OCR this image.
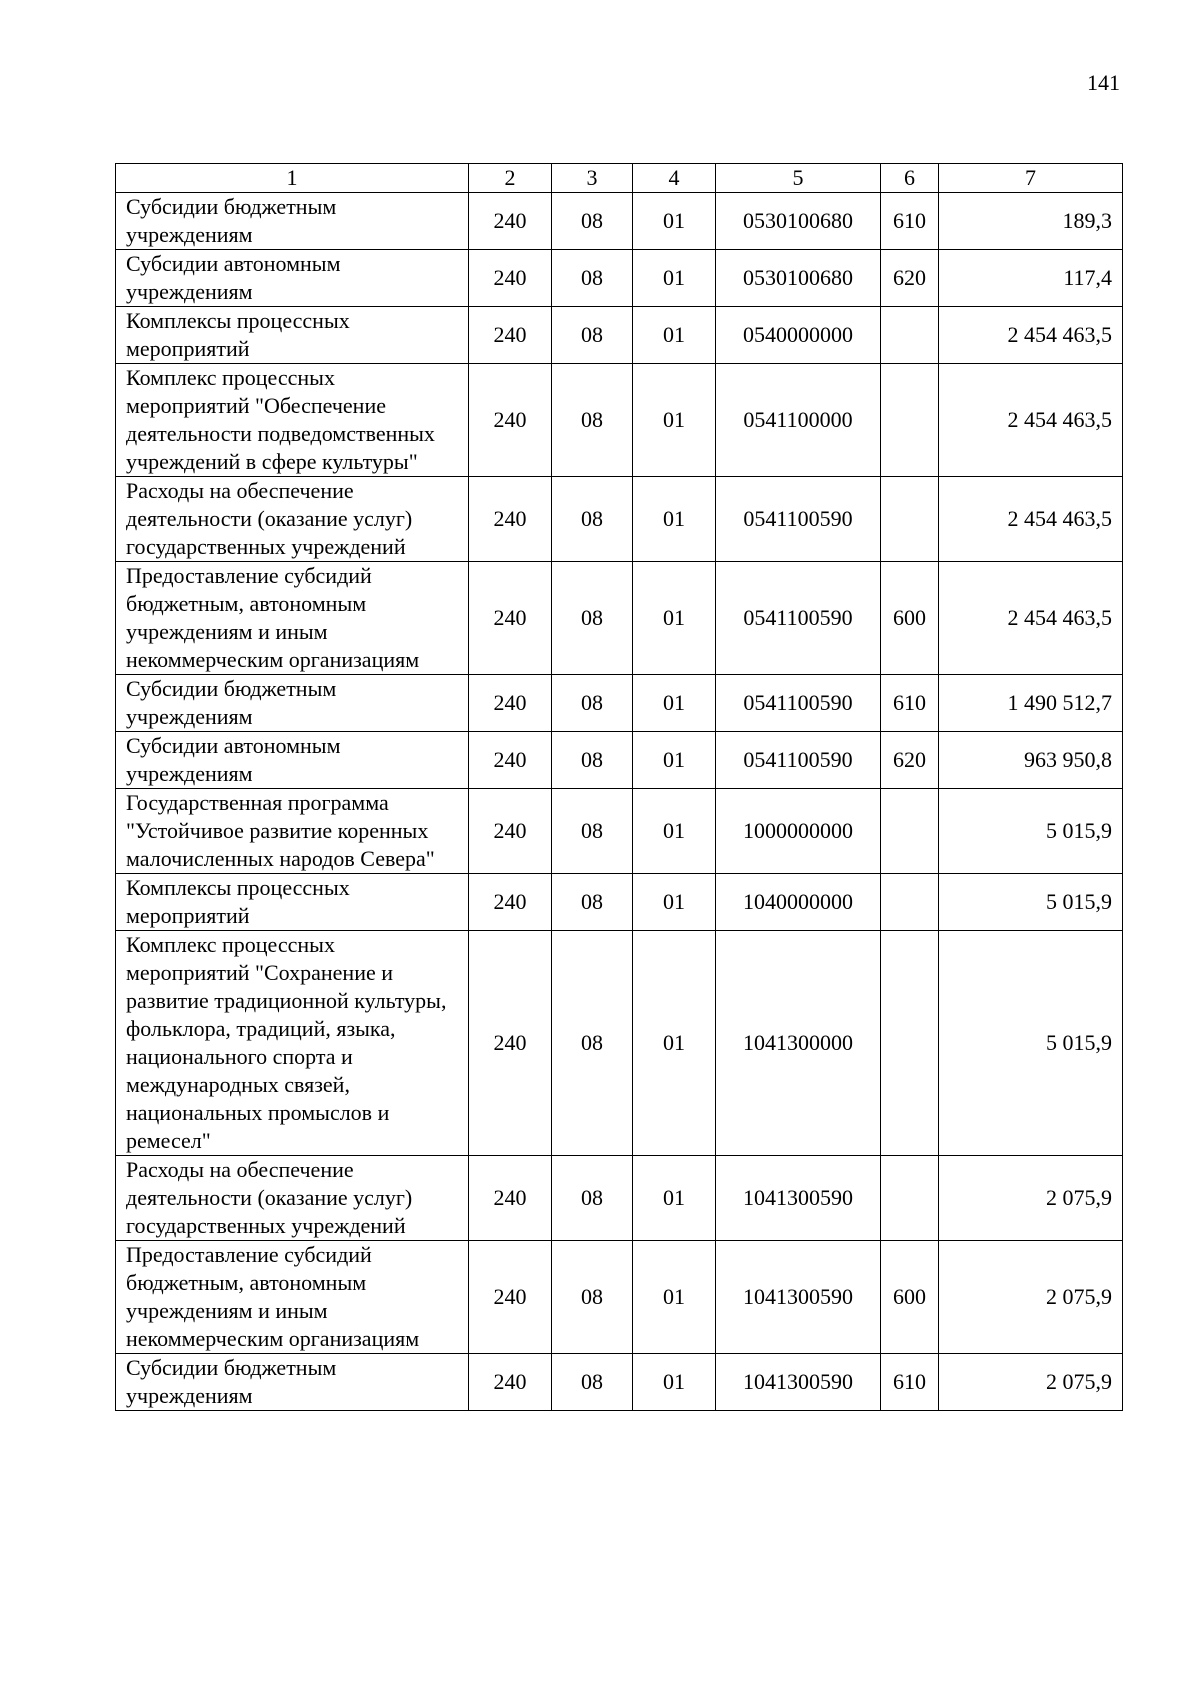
141
1	2	3	4	5	6	7
Субсидии бюджетным учреждениям	240	08	01	0530100680	610	189,3
Субсидии автономным учреждениям	240	08	01	0530100680	620	117,4
Комплексы процессных мероприятий	240	08	01	0540000000		2 454 463,5
Комплекс процессных мероприятий "Обеспечение деятельности подведомственных учреждений в сфере культуры"	240	08	01	0541100000		2 454 463,5
Расходы на обеспечение деятельности (оказание услуг) государственных учреждений	240	08	01	0541100590		2 454 463,5
Предоставление субсидий бюджетным, автономным учреждениям и иным некоммерческим организациям	240	08	01	0541100590	600	2 454 463,5
Субсидии бюджетным учреждениям	240	08	01	0541100590	610	1 490 512,7
Субсидии автономным учреждениям	240	08	01	0541100590	620	963 950,8
Государственная программа "Устойчивое развитие коренных малочисленных народов Севера"	240	08	01	1000000000		5 015,9
Комплексы процессных мероприятий	240	08	01	1040000000		5 015,9
Комплекс процессных мероприятий "Сохранение и развитие традиционной культуры, фольклора, традиций, языка, национального спорта и международных связей, национальных промыслов и ремесел"	240	08	01	1041300000		5 015,9
Расходы на обеспечение деятельности (оказание услуг) государственных учреждений	240	08	01	1041300590		2 075,9
Предоставление субсидий бюджетным, автономным учреждениям и иным некоммерческим организациям	240	08	01	1041300590	600	2 075,9
Субсидии бюджетным учреждениям	240	08	01	1041300590	610	2 075,9
